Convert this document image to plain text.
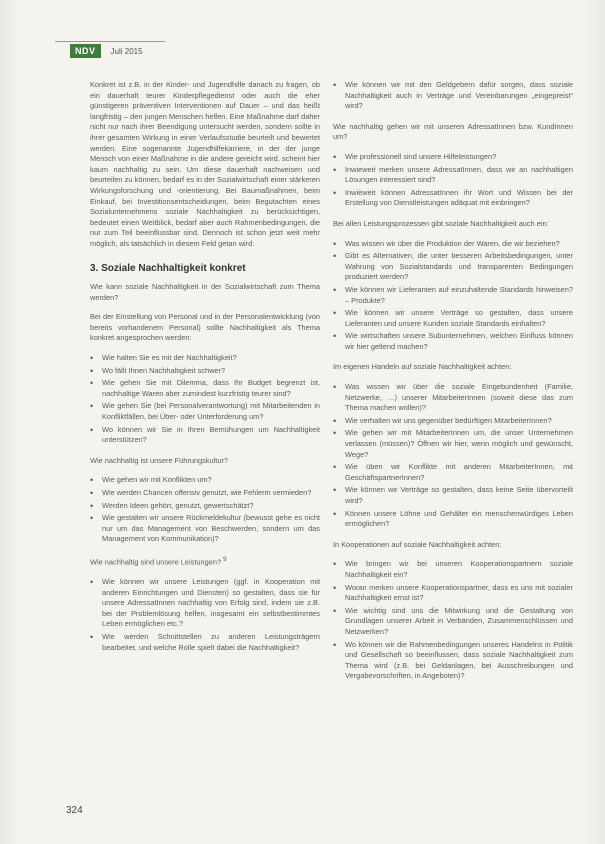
NDV	Juli 2015

Konkret ist z.B. in der Kinder- und Jugendhilfe danach zu fragen, ob ein dauerhaft teurer Kinderpflegedienst oder auch die eher günstigeren präventiven Interventionen auf Dauer – und das heißt langfristig – den jungen Menschen helfen. Eine Maßnahme darf daher nicht nur nach ihrer Beendigung untersucht werden, sondern sollte in ihrer gesamten Wirkung in einer Verlaufsstudie beurteilt und bewertet werden. Eine sogenannte Jugendhilfekarriere, in der der junge Mensch von einer Maßnahme in die andere gereicht wird, scheint hier kaum nachhaltig zu sein. Um diese dauerhaft nachweisen und beurteilen zu können, bedarf es in der Sozialwirtschaft einer stärkeren Wirkungsforschung und -orientierung. Bei Baumaßnahmen, beim Einkauf, bei Investitionsentscheidungen, beim Begutachten eines Sozialunternehmens soziale Nachhaltigkeit zu berücksichtigen, bedeutet einen Weitblick, bedarf aber auch Rahmenbedingungen, die nur zum Teil beeinflussbar sind. Dennoch ist schon jetzt weit mehr möglich, als tatsächlich in diesem Feld getan wird.

3. Soziale Nachhaltigkeit konkret

Wie kann soziale Nachhaltigkeit in der Sozialwirtschaft zum Thema werden?

Bei der Einstellung von Personal und in der Personalentwicklung (von bereits vorhandenem Personal) sollte Nachhaltigkeit als Thema konkret angesprochen werden:

• Wie halten Sie es mit der Nachhaltigkeit?
• Wo fällt Ihnen Nachhaltigkeit schwer?
• Wie gehen Sie mit Dilemma, dass Ihr Budget begrenzt ist, nachhaltige Waren aber zumindest kurzfristig teurer sind?
• Wie gehen Sie (bei Personalverantwortung) mit Mitarbeitenden in Konfliktfällen, bei Über- oder Unterforderung um?
• Wo können wir Sie in Ihren Bemühungen um Nachhaltigkeit unterstützen?

Wie nachhaltig ist unsere Führungskultur?

• Wie gehen wir mit Konflikten um?
• Wie werden Chancen offensiv genutzt, wie Fehlerm vermieden?
• Werden Ideen gehört, genutzt, gewertschätzt?
• Wie gestalten wir unsere Rückmeldekultur (bewusst gehe es nicht nur um das Management von Beschwerden, sondern um das Management von Kommunikation)?

Wie nachhaltig sind unsere Leistungen? $^9$

• Wie können wir unsere Leistungen (ggf. in Kooperation mit anderen Einrichtungen und Diensten) so gestalten, dass sie für unsere AdressatInnen nachhaltig von Erfolg sind, indem sie z.B. bei der Problemlösung helfen, insgesamt ein selbstbestimmtes Leben ermöglichen etc.?
• Wie werden Schnittstellen zu anderen Leistungsträgern bearbeitet, und welche Rolle spielt dabei die Nachhaltigkeit?
• Wie können wir mit den Geldgebern dafür sorgen, dass soziale Nachhaltigkeit auch in Verträge und Vereinbarungen „eingepreist“ wird?

Wie nachhaltig gehen wir mit unseren AdressatInnen bzw. KundInnen um?

• Wie professionell sind unsere Hilfeleistungen?
• Inwieweit merken unsere AdressatInnen, dass wir an nachhaltigen Lösungen interessiert sind?
• Inwieweit können AdressatInnen ihr Wort und Wissen bei der Erstellung von Dienstleistungen adäquat mit einbringen?

Bei allen Leistungsprozessen gibt soziale Nachhaltigkeit auch ein:

• Was wissen wir über die Produktion der Waren, die wir beziehen?
• Gibt es Alternativen, die unter besseren Arbeitsbedingungen, unter Wahrung von Sozialstandards und transparenten Bedingungen produziert werden?
• Wie können wir Lieferanten auf einzuhaltende Standards hinweisen? – Produkte?
• Wie können wir unsere Verträge so gestalten, dass unsere Lieferanten und unsere Kunden soziale Standards einhalten?
• Wie wirtschaften unsere Subunternehmen, welchen Einfluss können wir hier geltend machen?

Im eigenen Handeln auf soziale Nachhaltigkeit achten:

• Was wissen wir über die soziale Eingebundenheit (Familie, Netzwerke, …) unserer MitarbeiterInnen (soweit diese das zum Thema machen wollen)?
• Wie verhalten wir uns gegenüber bedürftigen MitarbeiterInnen?
• Wie gehen wir mit MitarbeiterInnen um, die unser Unternehmen verlassen (müssen)? Öffnen wir hier, wenn möglich und gewünscht, Wege?
• Wie üben wir Konflikte mit anderen MitarbeiterInnen, mit GeschäftspartnerInnen?
• Wie können wir Verträge so gestalten, dass keine Seite übervorteilt wird?
• Können unsere Löhne und Gehälter ein menschenwürdiges Leben ermöglichen?

In Kooperationen auf soziale Nachhaltigkeit achten:

• Wie bringen wir bei unseren Kooperationspartnern soziale Nachhaltigkeit ein?
• Woran merken unsere Kooperationspartner, dass es uns mit sozialer Nachhaltigkeit ernst ist?
• Wie wichtig sind uns die Mitwirkung und die Gestaltung von Grundlagen unserer Arbeit in Verbänden, Zusammenschlüssen und Netzwerken?
• Wo können wir die Rahmenbedingungen unseres Handelns in Politik und Gesellschaft so beeinflussen, dass soziale Nachhaltigkeit zum Thema wird (z.B. bei Geldanlagen, bei Ausschreibungen und Vergabevorschriften, in Angeboten)?
324
